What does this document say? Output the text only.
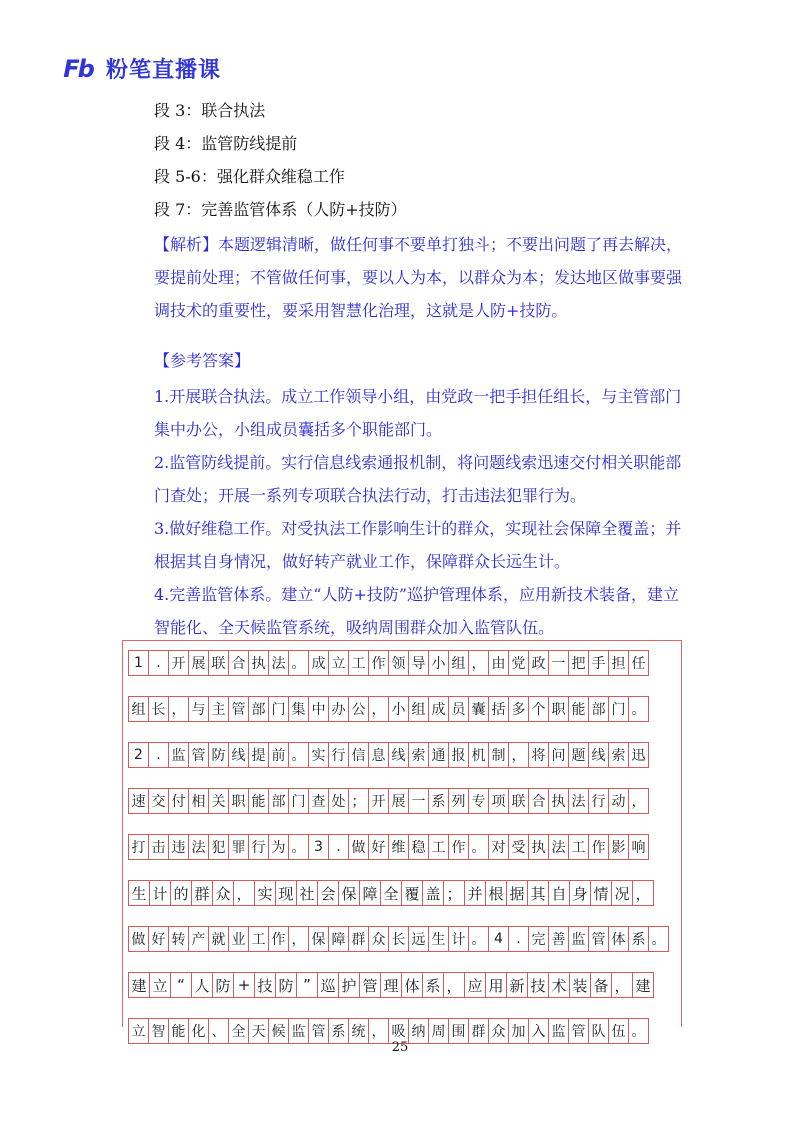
Fb 粉笔直播课
段 3：联合执法
段 4：监管防线提前
段 5-6：强化群众维稳工作
段 7：完善监管体系（人防+技防）
【解析】本题逻辑清晰，做任何事不要单打独斗；不要出问题了再去解决，要提前处理；不管做任何事，要以人为本，以群众为本；发达地区做事要强调技术的重要性，要采用智慧化治理，这就是人防+技防。
【参考答案】
1.开展联合执法。成立工作领导小组，由党政一把手担任组长，与主管部门集中办公，小组成员囊括多个职能部门。
2.监管防线提前。实行信息线索通报机制，将问题线索迅速交付相关职能部门查处；开展一系列专项联合执法行动，打击违法犯罪行为。
3.做好维稳工作。对受执法工作影响生计的群众，实现社会保障全覆盖；并根据其自身情况，做好转产就业工作，保障群众长远生计。
4.完善监管体系。建立“人防+技防”巡护管理体系，应用新技术装备，建立智能化、全天候监管系统，吸纳周围群众加入监管队伍。
1 . 开 展 联 合 执 法 。 成 立 工 作 领 导 小 组 ， 由 党 政 一 把 手 担 任
组 长 ， 与 主 管 部 门 集 中 办 公 ， 小 组 成 员 囊 括 多 个 职 能 部 门 。
2 . 监 管 防 线 提 前 。 实 行 信 息 线 索 通 报 机 制 ， 将 问 题 线 索 迅
速 交 付 相 关 职 能 部 门 查 处 ； 开 展 一 系 列 专 项 联 合 执 法 行 动 ，
打 击 违 法 犯 罪 行 为 。 3 . 做 好 维 稳 工 作 。 对 受 执 法 工 作 影 响
生 计 的 群 众 ， 实 现 社 会 保 障 全 覆 盖 ； 并 根 据 其 自 身 情 况 ，
做 好 转 产 就 业 工 作 ， 保 障 群 众 长 远 生 计 。 4 . 完 善 监 管 体 系 。
建 立 “ 人 防 + 技 防 ” 巡 护 管 理 体 系 ， 应 用 新 技 术 装 备 ， 建
立 智 能 化 、 全 天 候 监 管 系 统 ， 吸 纳 周 围 群 众 加 入 监 管 队 伍 。
25
